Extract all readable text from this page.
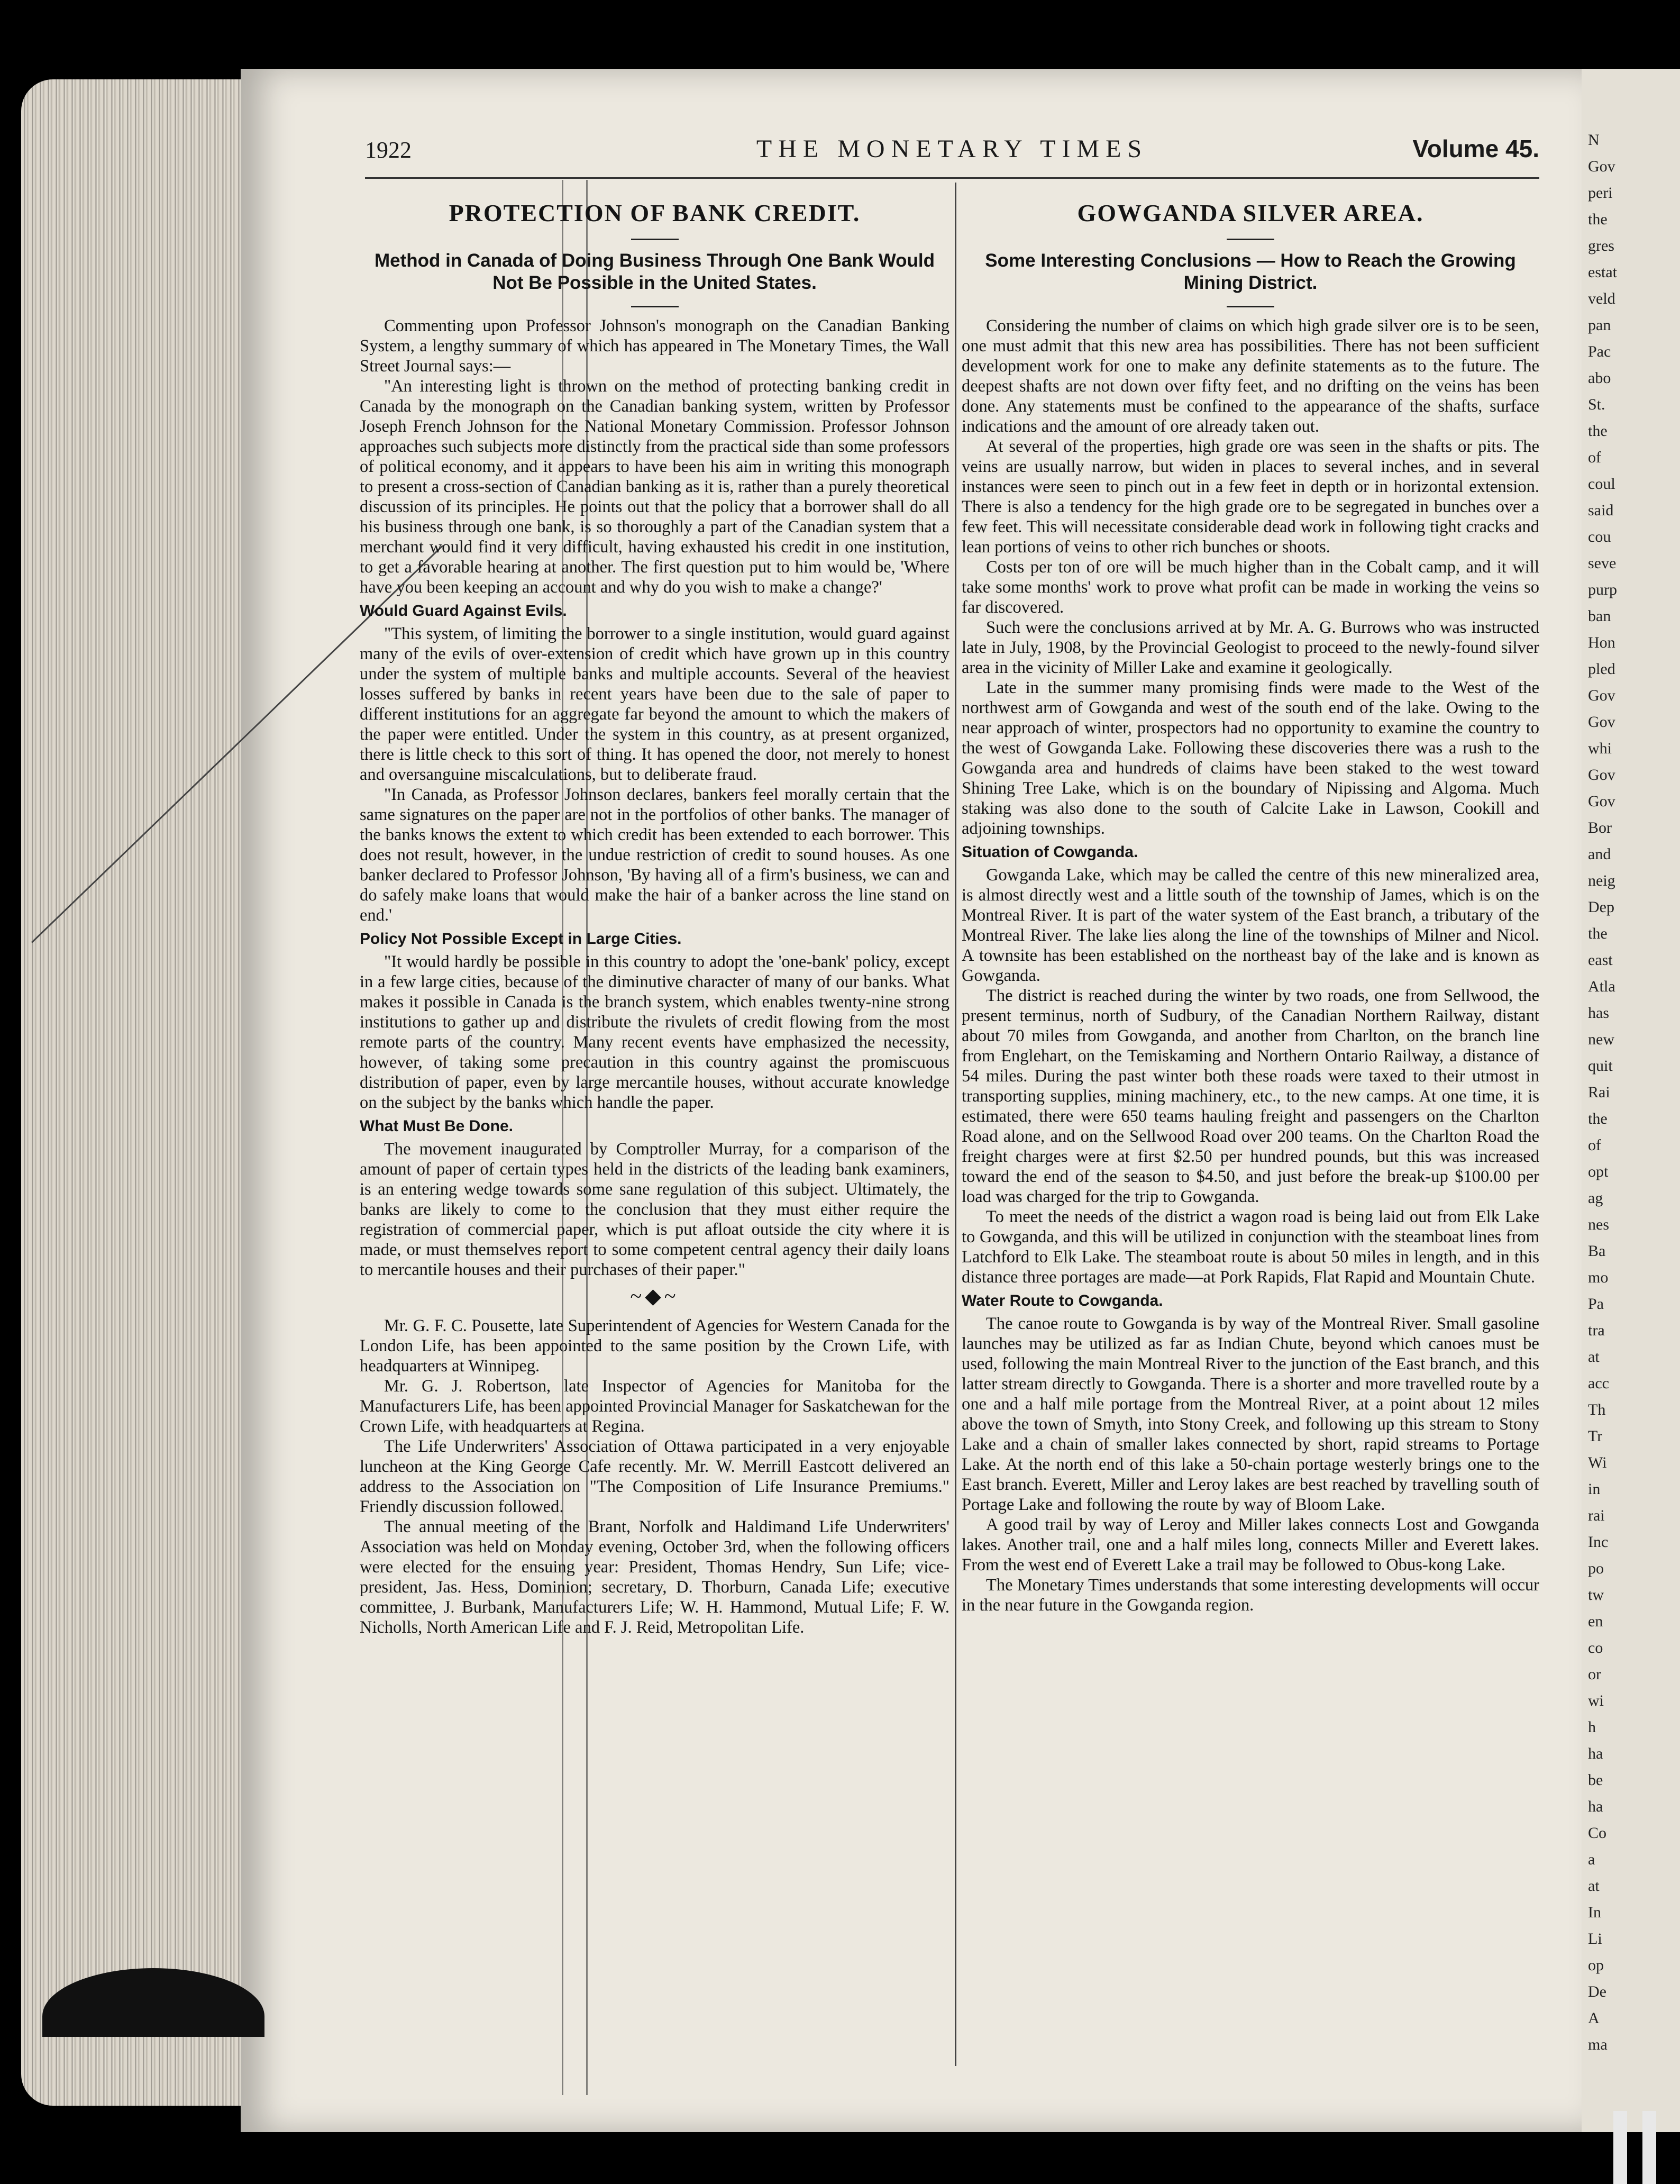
N
Gov
peri
the
gres
estat
veld
pan
Pac
abo
St.
the
of
coul
said
cou
seve
purp
ban
Hon
pled
Gov
Gov
whi
Gov
Gov
Bor
and
neig
Dep
the
east
Atla
has
new
quit
Rai
the
of
opt
ag
nes
Ba
mo
Pa
tra
at
acc
Th
Tr
Wi
in
rai
Inc
po
tw
en
co
or
wi
h
ha
be
ha
Co
a
at
In
Li
op
De
A
ma
1922	THE MONETARY TIMES	Volume 45.
PROTECTION OF BANK CREDIT.
Method in Canada of Doing Business Through One Bank Would Not Be Possible in the United States.

Commenting upon Professor Johnson's monograph on the Canadian Banking System, a lengthy summary of which has appeared in The Monetary Times, the Wall Street Journal says:—

"An interesting light is thrown on the method of protecting banking credit in Canada by the monograph on the Canadian banking system, written by Professor Joseph French Johnson for the National Monetary Commission. Professor Johnson approaches such subjects more distinctly from the practical side than some professors of political economy, and it appears to have been his aim in writing this monograph to present a cross-section of Canadian banking as it is, rather than a purely theoretical discussion of its principles. He points out that the policy that a borrower shall do all his business through one bank, is so thoroughly a part of the Canadian system that a merchant would find it very difficult, having exhausted his credit in one institution, to get a favorable hearing at another. The first question put to him would be, 'Where have you been keeping an account and why do you wish to make a change?'

Would Guard Against Evils.

"This system, of limiting the borrower to a single institution, would guard against many of the evils of over-extension of credit which have grown up in this country under the system of multiple banks and multiple accounts. Several of the heaviest losses suffered by banks in recent years have been due to the sale of paper to different institutions for an aggregate far beyond the amount to which the makers of the paper were entitled. Under the system in this country, as at present organized, there is little check to this sort of thing. It has opened the door, not merely to honest and oversanguine miscalculations, but to deliberate fraud.

"In Canada, as Professor Johnson declares, bankers feel morally certain that the same signatures on the paper are not in the portfolios of other banks. The manager of the banks knows the extent to which credit has been extended to each borrower. This does not result, however, in the undue restriction of credit to sound houses. As one banker declared to Professor Johnson, 'By having all of a firm's business, we can and do safely make loans that would make the hair of a banker across the line stand on end.'

Policy Not Possible Except in Large Cities.

"It would hardly be possible in this country to adopt the 'one-bank' policy, except in a few large cities, because of the diminutive character of many of our banks. What makes it possible in Canada is the branch system, which enables twenty-nine strong institutions to gather up and distribute the rivulets of credit flowing from the most remote parts of the country. Many recent events have emphasized the necessity, however, of taking some precaution in this country against the promiscuous distribution of paper, even by large mercantile houses, without accurate knowledge on the subject by the banks which handle the paper.

What Must Be Done.

The movement inaugurated by Comptroller Murray, for a comparison of the amount of paper of certain types held in the districts of the leading bank examiners, is an entering wedge towards some sane regulation of this subject. Ultimately, the banks are likely to come to the conclusion that they must either require the registration of commercial paper, which is put afloat outside the city where it is made, or must themselves report to some competent central agency their daily loans to mercantile houses and their purchases of their paper."

~◆~

Mr. G. F. C. Pousette, late Superintendent of Agencies for Western Canada for the London Life, has been appointed to the same position by the Crown Life, with headquarters at Winnipeg.

Mr. G. J. Robertson, late Inspector of Agencies for Manitoba for the Manufacturers Life, has been appointed Provincial Manager for Saskatchewan for the Crown Life, with headquarters at Regina.

The Life Underwriters' Association of Ottawa participated in a very enjoyable luncheon at the King George Cafe recently. Mr. W. Merrill Eastcott delivered an address to the Association on "The Composition of Life Insurance Premiums." Friendly discussion followed.

The annual meeting of the Brant, Norfolk and Haldimand Life Underwriters' Association was held on Monday evening, October 3rd, when the following officers were elected for the ensuing year: President, Thomas Hendry, Sun Life; vice-president, Jas. Hess, Dominion; secretary, D. Thorburn, Canada Life; executive committee, J. Burbank, Manufacturers Life; W. H. Hammond, Mutual Life; F. W. Nicholls, North American Life and F. J. Reid, Metropolitan Life.

GOWGANDA SILVER AREA.
Some Interesting Conclusions — How to Reach the Growing Mining District.

Considering the number of claims on which high grade silver ore is to be seen, one must admit that this new area has possibilities. There has not been sufficient development work for one to make any definite statements as to the future. The deepest shafts are not down over fifty feet, and no drifting on the veins has been done. Any statements must be confined to the appearance of the shafts, surface indications and the amount of ore already taken out.

At several of the properties, high grade ore was seen in the shafts or pits. The veins are usually narrow, but widen in places to several inches, and in several instances were seen to pinch out in a few feet in depth or in horizontal extension. There is also a tendency for the high grade ore to be segregated in bunches over a few feet. This will necessitate considerable dead work in following tight cracks and lean portions of veins to other rich bunches or shoots.

Costs per ton of ore will be much higher than in the Cobalt camp, and it will take some months' work to prove what profit can be made in working the veins so far discovered.

Such were the conclusions arrived at by Mr. A. G. Burrows who was instructed late in July, 1908, by the Provincial Geologist to proceed to the newly-found silver area in the vicinity of Miller Lake and examine it geologically.

Late in the summer many promising finds were made to the West of the northwest arm of Gowganda and west of the south end of the lake. Owing to the near approach of winter, prospectors had no opportunity to examine the country to the west of Gowganda Lake. Following these discoveries there was a rush to the Gowganda area and hundreds of claims have been staked to the west toward Shining Tree Lake, which is on the boundary of Nipissing and Algoma. Much staking was also done to the south of Calcite Lake in Lawson, Cookill and adjoining townships.

Situation of Cowganda.

Gowganda Lake, which may be called the centre of this new mineralized area, is almost directly west and a little south of the township of James, which is on the Montreal River. It is part of the water system of the East branch, a tributary of the Montreal River. The lake lies along the line of the townships of Milner and Nicol. A townsite has been established on the northeast bay of the lake and is known as Gowganda.

The district is reached during the winter by two roads, one from Sellwood, the present terminus, north of Sudbury, of the Canadian Northern Railway, distant about 70 miles from Gowganda, and another from Charlton, on the branch line from Englehart, on the Temiskaming and Northern Ontario Railway, a distance of 54 miles. During the past winter both these roads were taxed to their utmost in transporting supplies, mining machinery, etc., to the new camps. At one time, it is estimated, there were 650 teams hauling freight and passengers on the Charlton Road alone, and on the Sellwood Road over 200 teams. On the Charlton Road the freight charges were at first $2.50 per hundred pounds, but this was increased toward the end of the season to $4.50, and just before the break-up $100.00 per load was charged for the trip to Gowganda.

To meet the needs of the district a wagon road is being laid out from Elk Lake to Gowganda, and this will be utilized in conjunction with the steamboat lines from Latchford to Elk Lake. The steamboat route is about 50 miles in length, and in this distance three portages are made—at Pork Rapids, Flat Rapid and Mountain Chute.

Water Route to Cowganda.

The canoe route to Gowganda is by way of the Montreal River. Small gasoline launches may be utilized as far as Indian Chute, beyond which canoes must be used, following the main Montreal River to the junction of the East branch, and this latter stream directly to Gowganda. There is a shorter and more travelled route by a one and a half mile portage from the Montreal River, at a point about 12 miles above the town of Smyth, into Stony Creek, and following up this stream to Stony Lake and a chain of smaller lakes connected by short, rapid streams to Portage Lake. At the north end of this lake a 50-chain portage westerly brings one to the East branch. Everett, Miller and Leroy lakes are best reached by travelling south of Portage Lake and following the route by way of Bloom Lake.

A good trail by way of Leroy and Miller lakes connects Lost and Gowganda lakes. Another trail, one and a half miles long, connects Miller and Everett lakes. From the west end of Everett Lake a trail may be followed to Obus-kong Lake.

The Monetary Times understands that some interesting developments will occur in the near future in the Gowganda region.
